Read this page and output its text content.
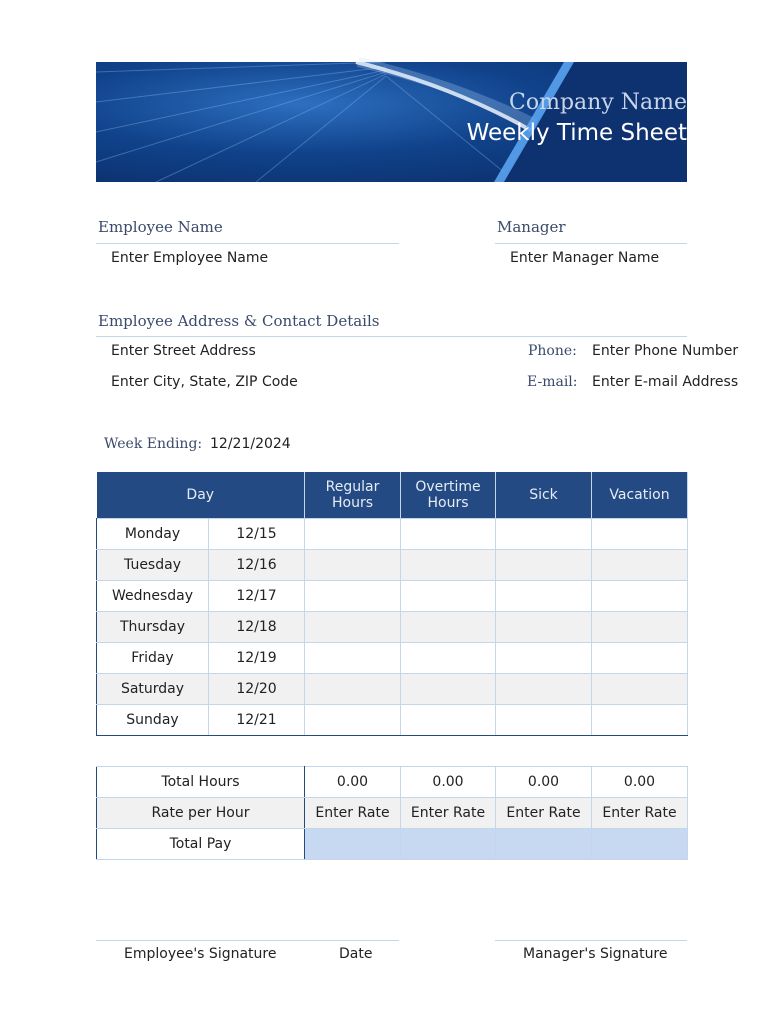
Company Name
Weekly Time Sheet
Employee Name
Enter Employee Name
Manager
Enter Manager Name
Employee Address & Contact Details
Enter Street Address
Enter City, State, ZIP Code
Phone: Enter Phone Number
E-mail: Enter E-mail Address
Week Ending: 12/21/2024
Day		Regular Hours	Overtime Hours	Sick	Vacation
Monday	12/15				
Tuesday	12/16				
Wednesday	12/17				
Thursday	12/18				
Friday	12/19				
Saturday	12/20				
Sunday	12/21				
Total Hours	0.00	0.00	0.00	0.00
Rate per Hour	Enter Rate	Enter Rate	Enter Rate	Enter Rate
Total Pay				
Employee's Signature	Date	Manager's Signature
